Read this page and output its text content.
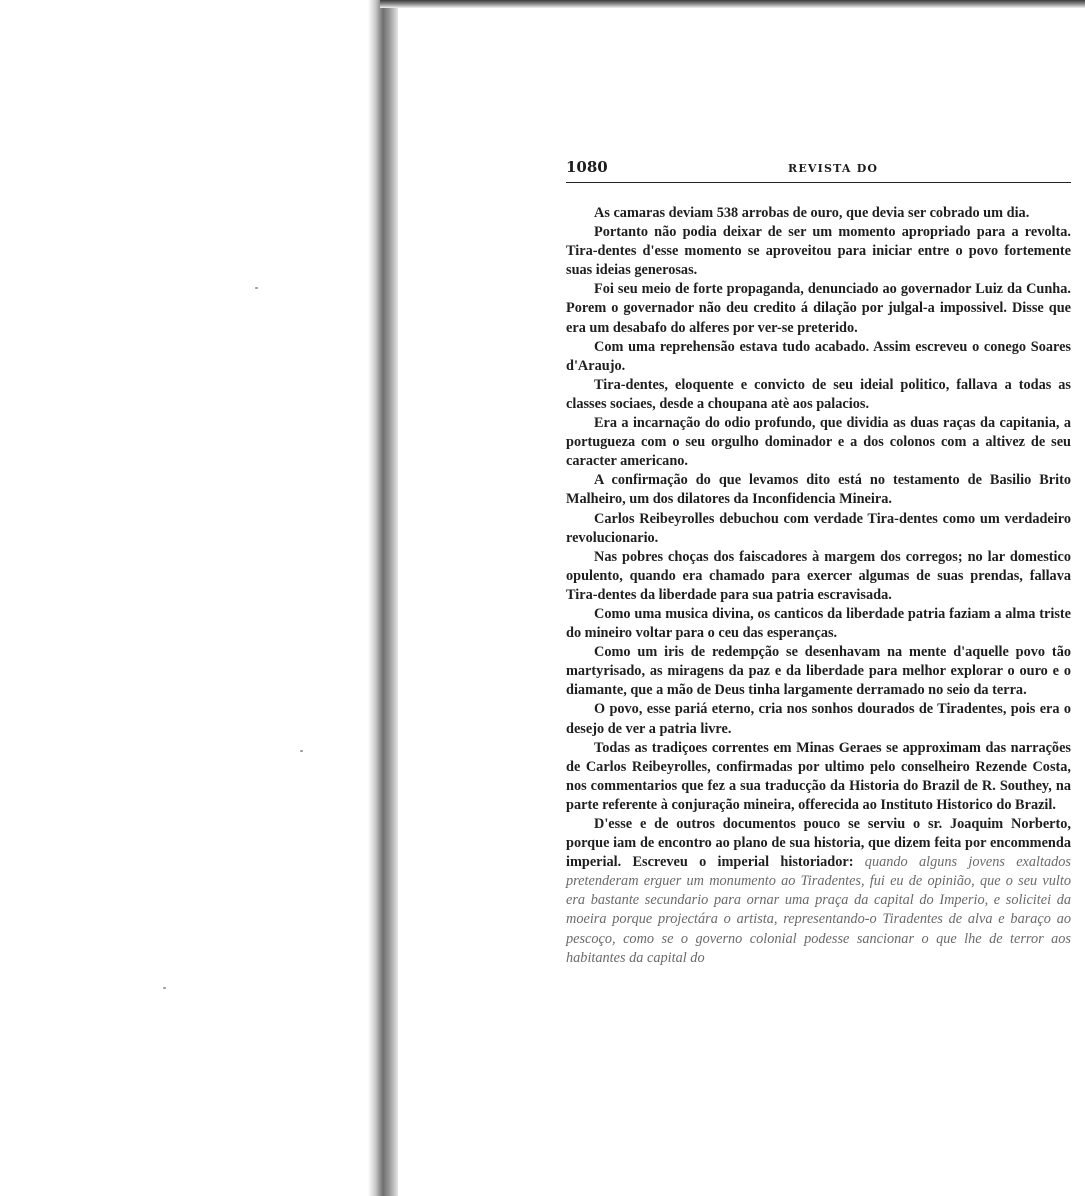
1080	REVISTA DO

As camaras deviam 538 arrobas de ouro, que devia ser cobrado um dia.

Portanto não podia deixar de ser um momento apropriado para a revolta. Tira-dentes d'esse momento se aproveitou para iniciar entre o povo fortemente suas ideias generosas.

Foi seu meio de forte propaganda, denunciado ao governador Luiz da Cunha. Porem o governador não deu credito á dilação por julgal-a impossivel. Disse que era um desabafo do alferes por ver-se preterido.

Com uma reprehensão estava tudo acabado. Assim escreveu o conego Soares d'Araujo.

Tira-dentes, eloquente e convicto de seu ideial politico, fallava a todas as classes sociaes, desde a choupana atè aos palacios.

Era a incarnação do odio profundo, que dividia as duas raças da capitania, a portugueza com o seu orgulho dominador e a dos colonos com a altivez de seu caracter americano.

A confirmação do que levamos dito está no testamento de Basilio Brito Malheiro, um dos dilatores da Inconfidencia Mineira.

Carlos Reibeyrolles debuchou com verdade Tira-dentes como um verdadeiro revolucionario.

Nas pobres choças dos faiscadores à margem dos corregos; no lar domestico opulento, quando era chamado para exercer algumas de suas prendas, fallava Tira-dentes da liberdade para sua patria escravisada.

Como uma musica divina, os canticos da liberdade patria faziam a alma triste do mineiro voltar para o ceu das esperanças.

Como um iris de redempção se desenhavam na mente d'aquelle povo tão martyrisado, as miragens da paz e da liberdade para melhor explorar o ouro e o diamante, que a mão de Deus tinha largamente derramado no seio da terra.

O povo, esse pariá eterno, cria nos sonhos dourados de Tiradentes, pois era o desejo de ver a patria livre.

Todas as tradiçoes correntes em Minas Geraes se approximam das narrações de Carlos Reibeyrolles, confirmadas por ultimo pelo conselheiro Rezende Costa, nos commentarios que fez a sua traducção da Historia do Brazil de R. Southey, na parte referente à conjuração mineira, offerecida ao Instituto Historico do Brazil.

D'esse e de outros documentos pouco se serviu o sr. Joaquim Norberto, porque iam de encontro ao plano de sua historia, que dizem feita por encommenda imperial. Escreveu o imperial historiador: quando alguns jovens exaltados pretenderam erguer um monumento ao Tiradentes, fui eu de opinião, que o seu vulto era bastante secundario para ornar uma praça da capital do Imperio, e solicitei da moeira porque projectára o artista, representando-o Tiradentes de alva e baraço ao pescoço, como se o governo colonial podesse sancionar o que lhe de terror aos habitantes da capital do
